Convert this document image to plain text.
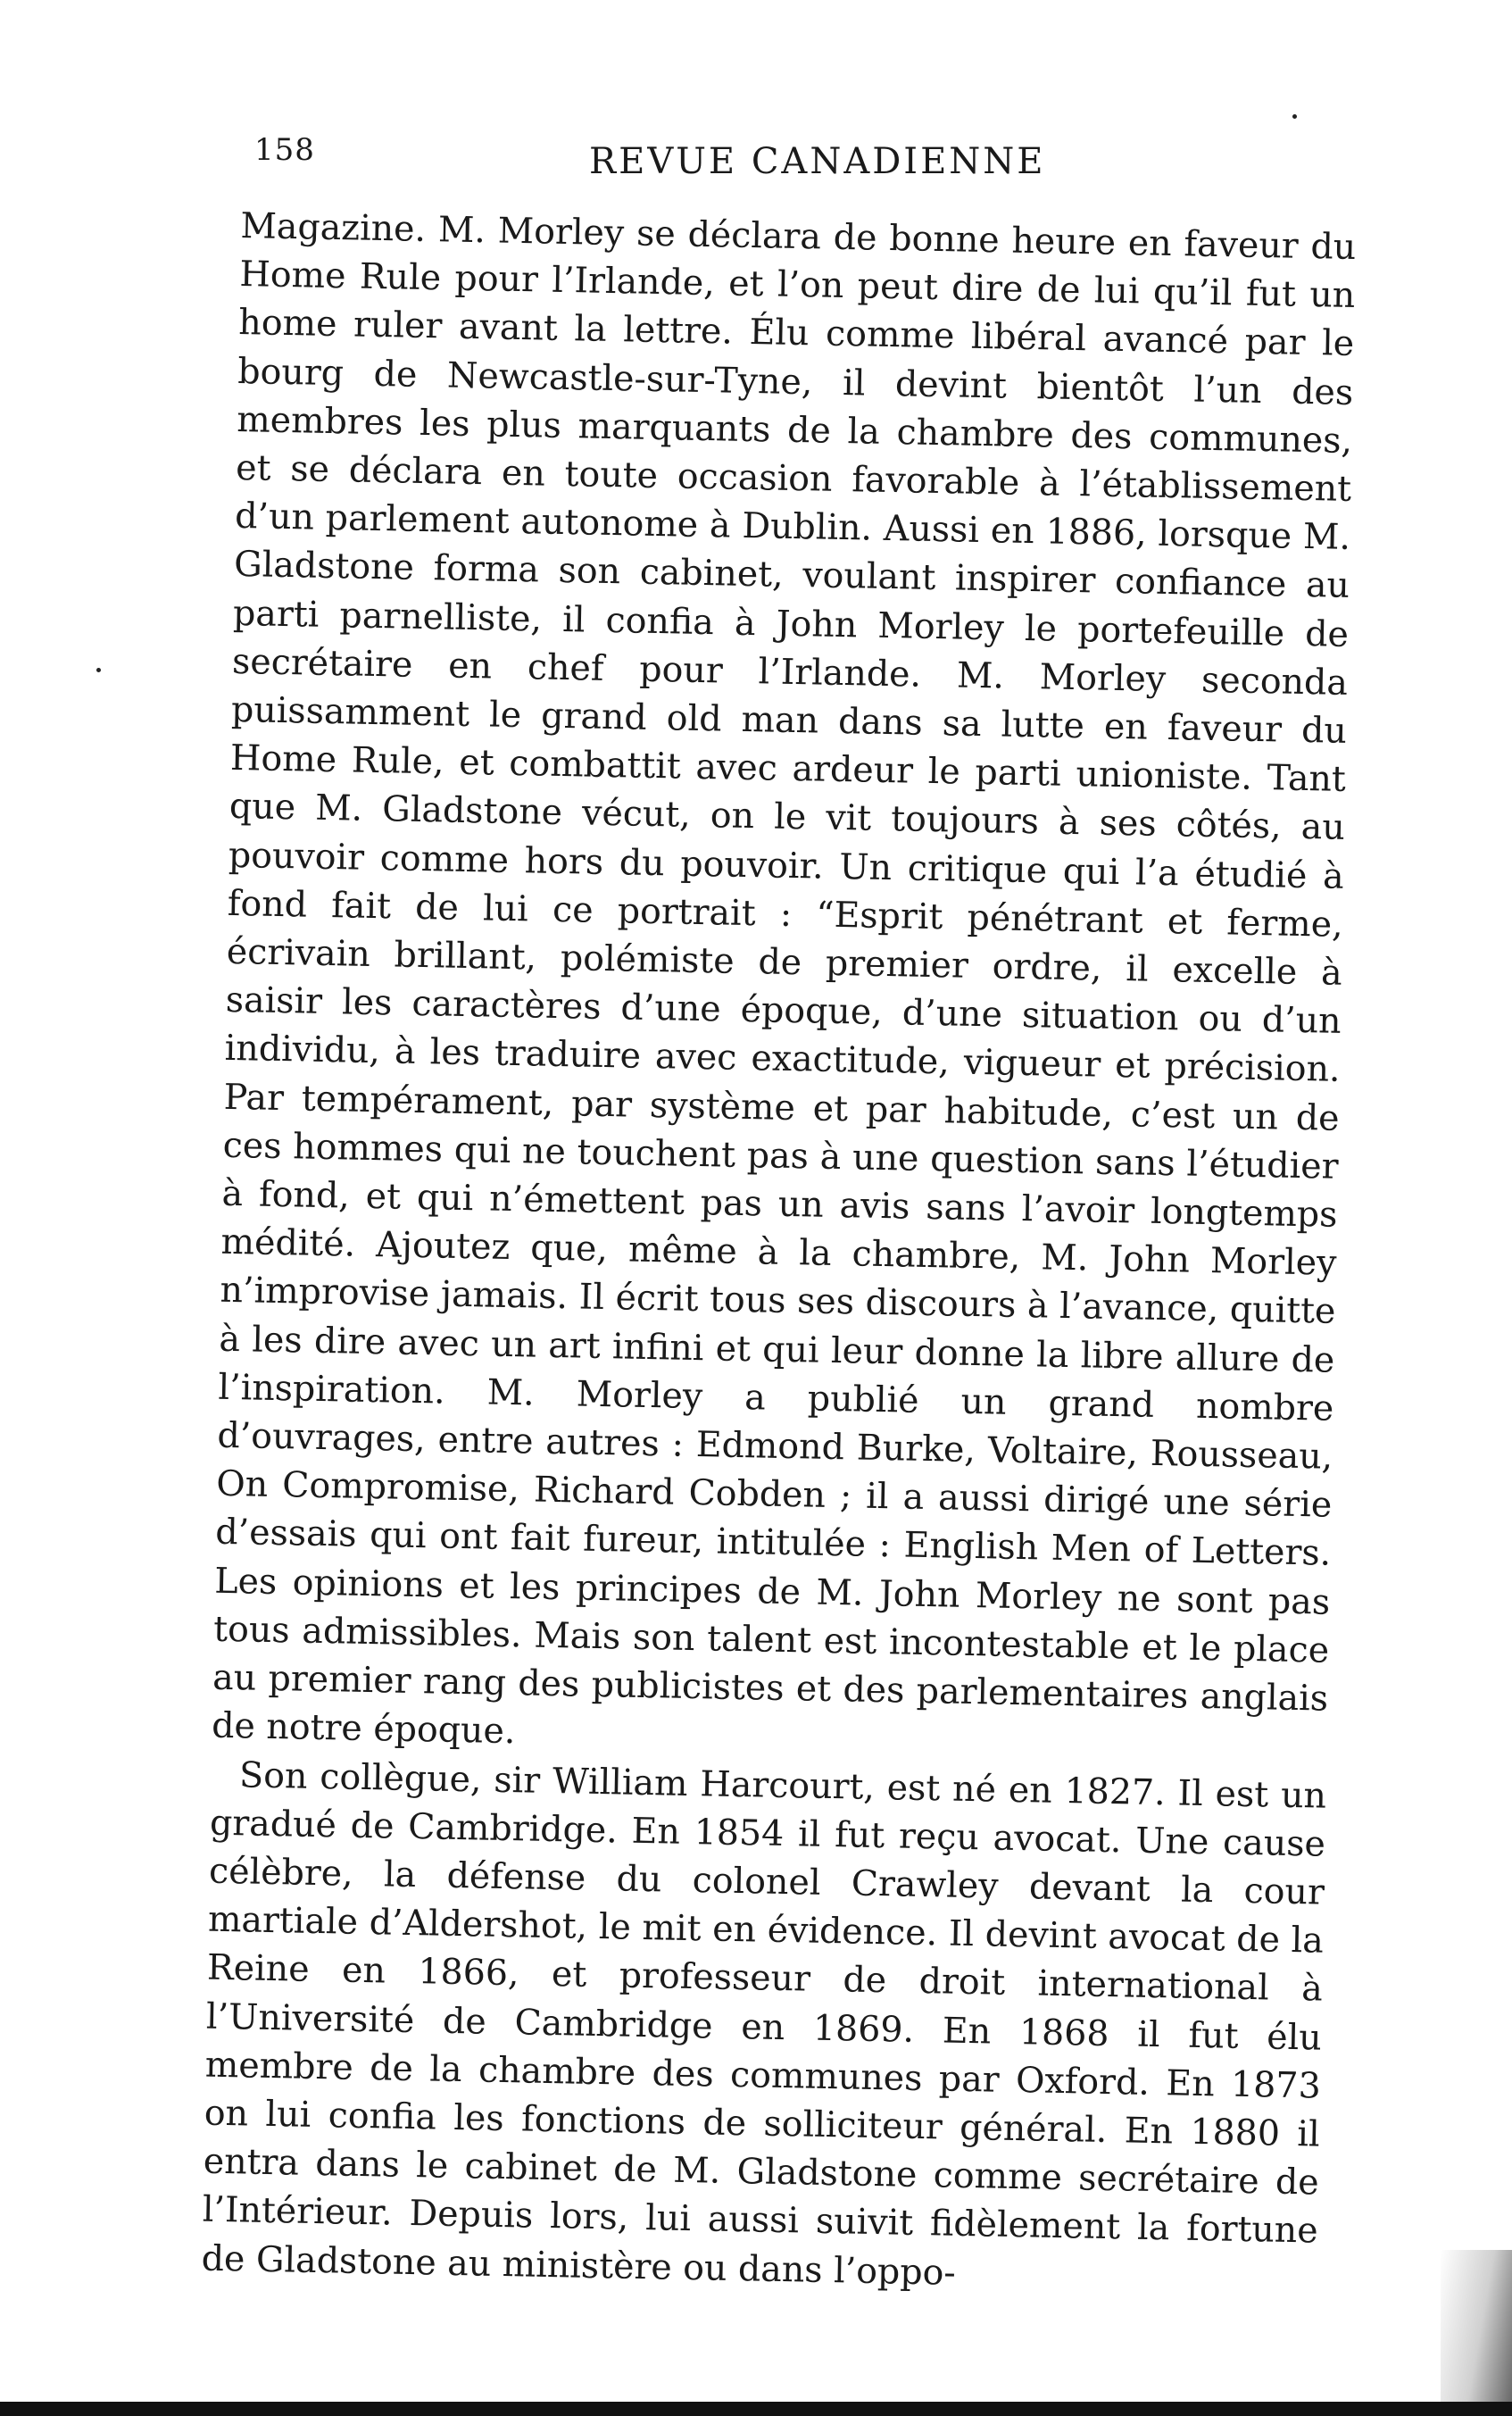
158	REVUE CANADIENNE

Magazine. M. Morley se déclara de bonne heure en faveur du Home Rule pour l’Irlande, et l’on peut dire de lui qu’il fut un home ruler avant la lettre. Élu comme libéral avancé par le bourg de Newcastle-sur-Tyne, il devint bientôt l’un des membres les plus marquants de la chambre des communes, et se déclara en toute occasion favorable à l’établissement d’un parlement autonome à Dublin. Aussi en 1886, lorsque M. Gladstone forma son cabinet, voulant inspirer confiance au parti parnelliste, il confia à John Morley le portefeuille de secrétaire en chef pour l’Irlande. M. Morley seconda puissamment le grand old man dans sa lutte en faveur du Home Rule, et combattit avec ardeur le parti unioniste. Tant que M. Gladstone vécut, on le vit toujours à ses côtés, au pouvoir comme hors du pouvoir. Un critique qui l’a étudié à fond fait de lui ce portrait : “Esprit pénétrant et ferme, écrivain brillant, polémiste de premier ordre, il excelle à saisir les caractères d’une époque, d’une situation ou d’un individu, à les traduire avec exactitude, vigueur et précision. Par tempérament, par système et par habitude, c’est un de ces hommes qui ne touchent pas à une question sans l’étudier à fond, et qui n’émettent pas un avis sans l’avoir longtemps médité. Ajoutez que, même à la chambre, M. John Morley n’improvise jamais. Il écrit tous ses discours à l’avance, quitte à les dire avec un art infini et qui leur donne la libre allure de l’inspiration. M. Morley a publié un grand nombre d’ouvrages, entre autres : Edmond Burke, Voltaire, Rousseau, On Compromise, Richard Cobden ; il a aussi dirigé une série d’essais qui ont fait fureur, intitulée : English Men of Letters. Les opinions et les principes de M. John Morley ne sont pas tous admissibles. Mais son talent est incontestable et le place au premier rang des publicistes et des parlementaires anglais de notre époque.

Son collègue, sir William Harcourt, est né en 1827. Il est un gradué de Cambridge. En 1854 il fut reçu avocat. Une cause célèbre, la défense du colonel Crawley devant la cour martiale d’Aldershot, le mit en évidence. Il devint avocat de la Reine en 1866, et professeur de droit international à l’Université de Cambridge en 1869. En 1868 il fut élu membre de la chambre des communes par Oxford. En 1873 on lui confia les fonctions de solliciteur général. En 1880 il entra dans le cabinet de M. Gladstone comme secrétaire de l’Intérieur. Depuis lors, lui aussi suivit fidèlement la fortune de Gladstone au ministère ou dans l’oppo-
